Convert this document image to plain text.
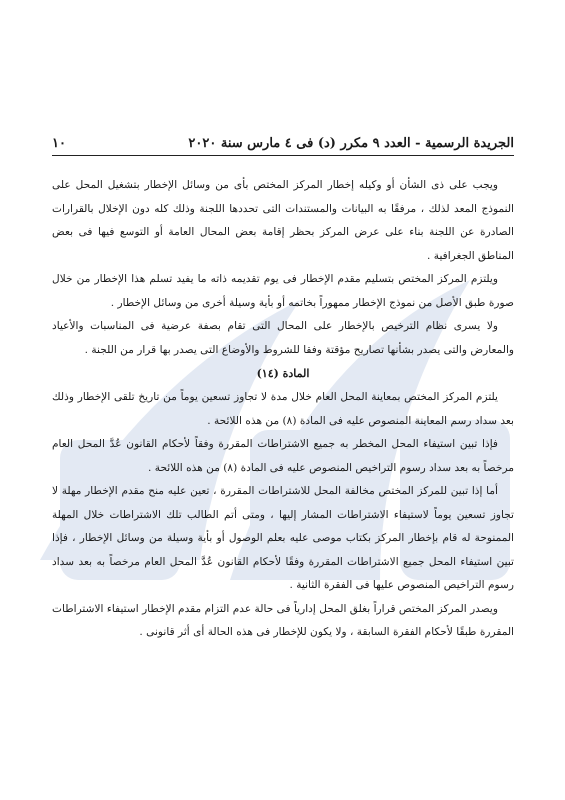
الجريدة الرسمية - العدد ٩ مكرر (د) فى ٤ مارس سنة ٢٠٢٠
١٠

ويجب على ذى الشأن أو وكيله إخطار المركز المختص بأى من وسائل الإخطار بتشغيل المحل على النموذج المعد لذلك ، مرفقًا به البيانات والمستندات التى تحددها اللجنة وذلك كله دون الإخلال بالقرارات الصادرة عن اللجنة بناء على عرض المركز بحظر إقامة بعض المحال العامة أو التوسع فيها فى بعض المناطق الجغرافية .

ويلتزم المركز المختص بتسليم مقدم الإخطار فى يوم تقديمه ذاته ما يفيد تسلم هذا الإخطار من خلال صورة طبق الأصل من نموذج الإخطار ممهوراً بخاتمه أو بأية وسيلة أخرى من وسائل الإخطار .

ولا يسرى نظام الترخيص بالإخطار على المحال التى تقام بصفة عرضية فى المناسبات والأعياد والمعارض والتى يصدر بشأنها تصاريح مؤقتة وفقا للشروط والأوضاع التى يصدر بها قرار من اللجنة .

المادة (١٤)

يلتزم المركز المختص بمعاينة المحل العام خلال مدة لا تجاوز تسعين يوماً من تاريخ تلقى الإخطار وذلك بعد سداد رسم المعاينة المنصوص عليه فى المادة (٨) من هذه اللائحة .

فإذا تبين استيفاء المحل المخطر به جميع الاشتراطات المقررة وفقاً لأحكام القانون عُدَّ المحل العام مرخصاً به بعد سداد رسوم التراخيص المنصوص عليه فى المادة (٨) من هذه اللائحة .

أما إذا تبين للمركز المختص مخالفة المحل للاشتراطات المقررة ، تعين عليه منح مقدم الإخطار مهلة لا تجاوز تسعين يوماً لاستيفاء الاشتراطات المشار إليها ، ومتى أتم الطالب تلك الاشتراطات خلال المهلة الممنوحة له قام بإخطار المركز بكتاب موصى عليه بعلم الوصول أو بأية وسيلة من وسائل الإخطار ، فإذا تبين استيفاء المحل جميع الاشتراطات المقررة وفقًا لأحكام القانون عُدَّ المحل العام مرخصاً به بعد سداد رسوم التراخيص المنصوص عليها فى الفقرة الثانية .

ويصدر المركز المختص قراراً بغلق المحل إدارياً فى حالة عدم التزام مقدم الإخطار استيفاء الاشتراطات المقررة طبقًا لأحكام الفقرة السابقة ، ولا يكون للإخطار فى هذه الحالة أى أثر قانونى .
